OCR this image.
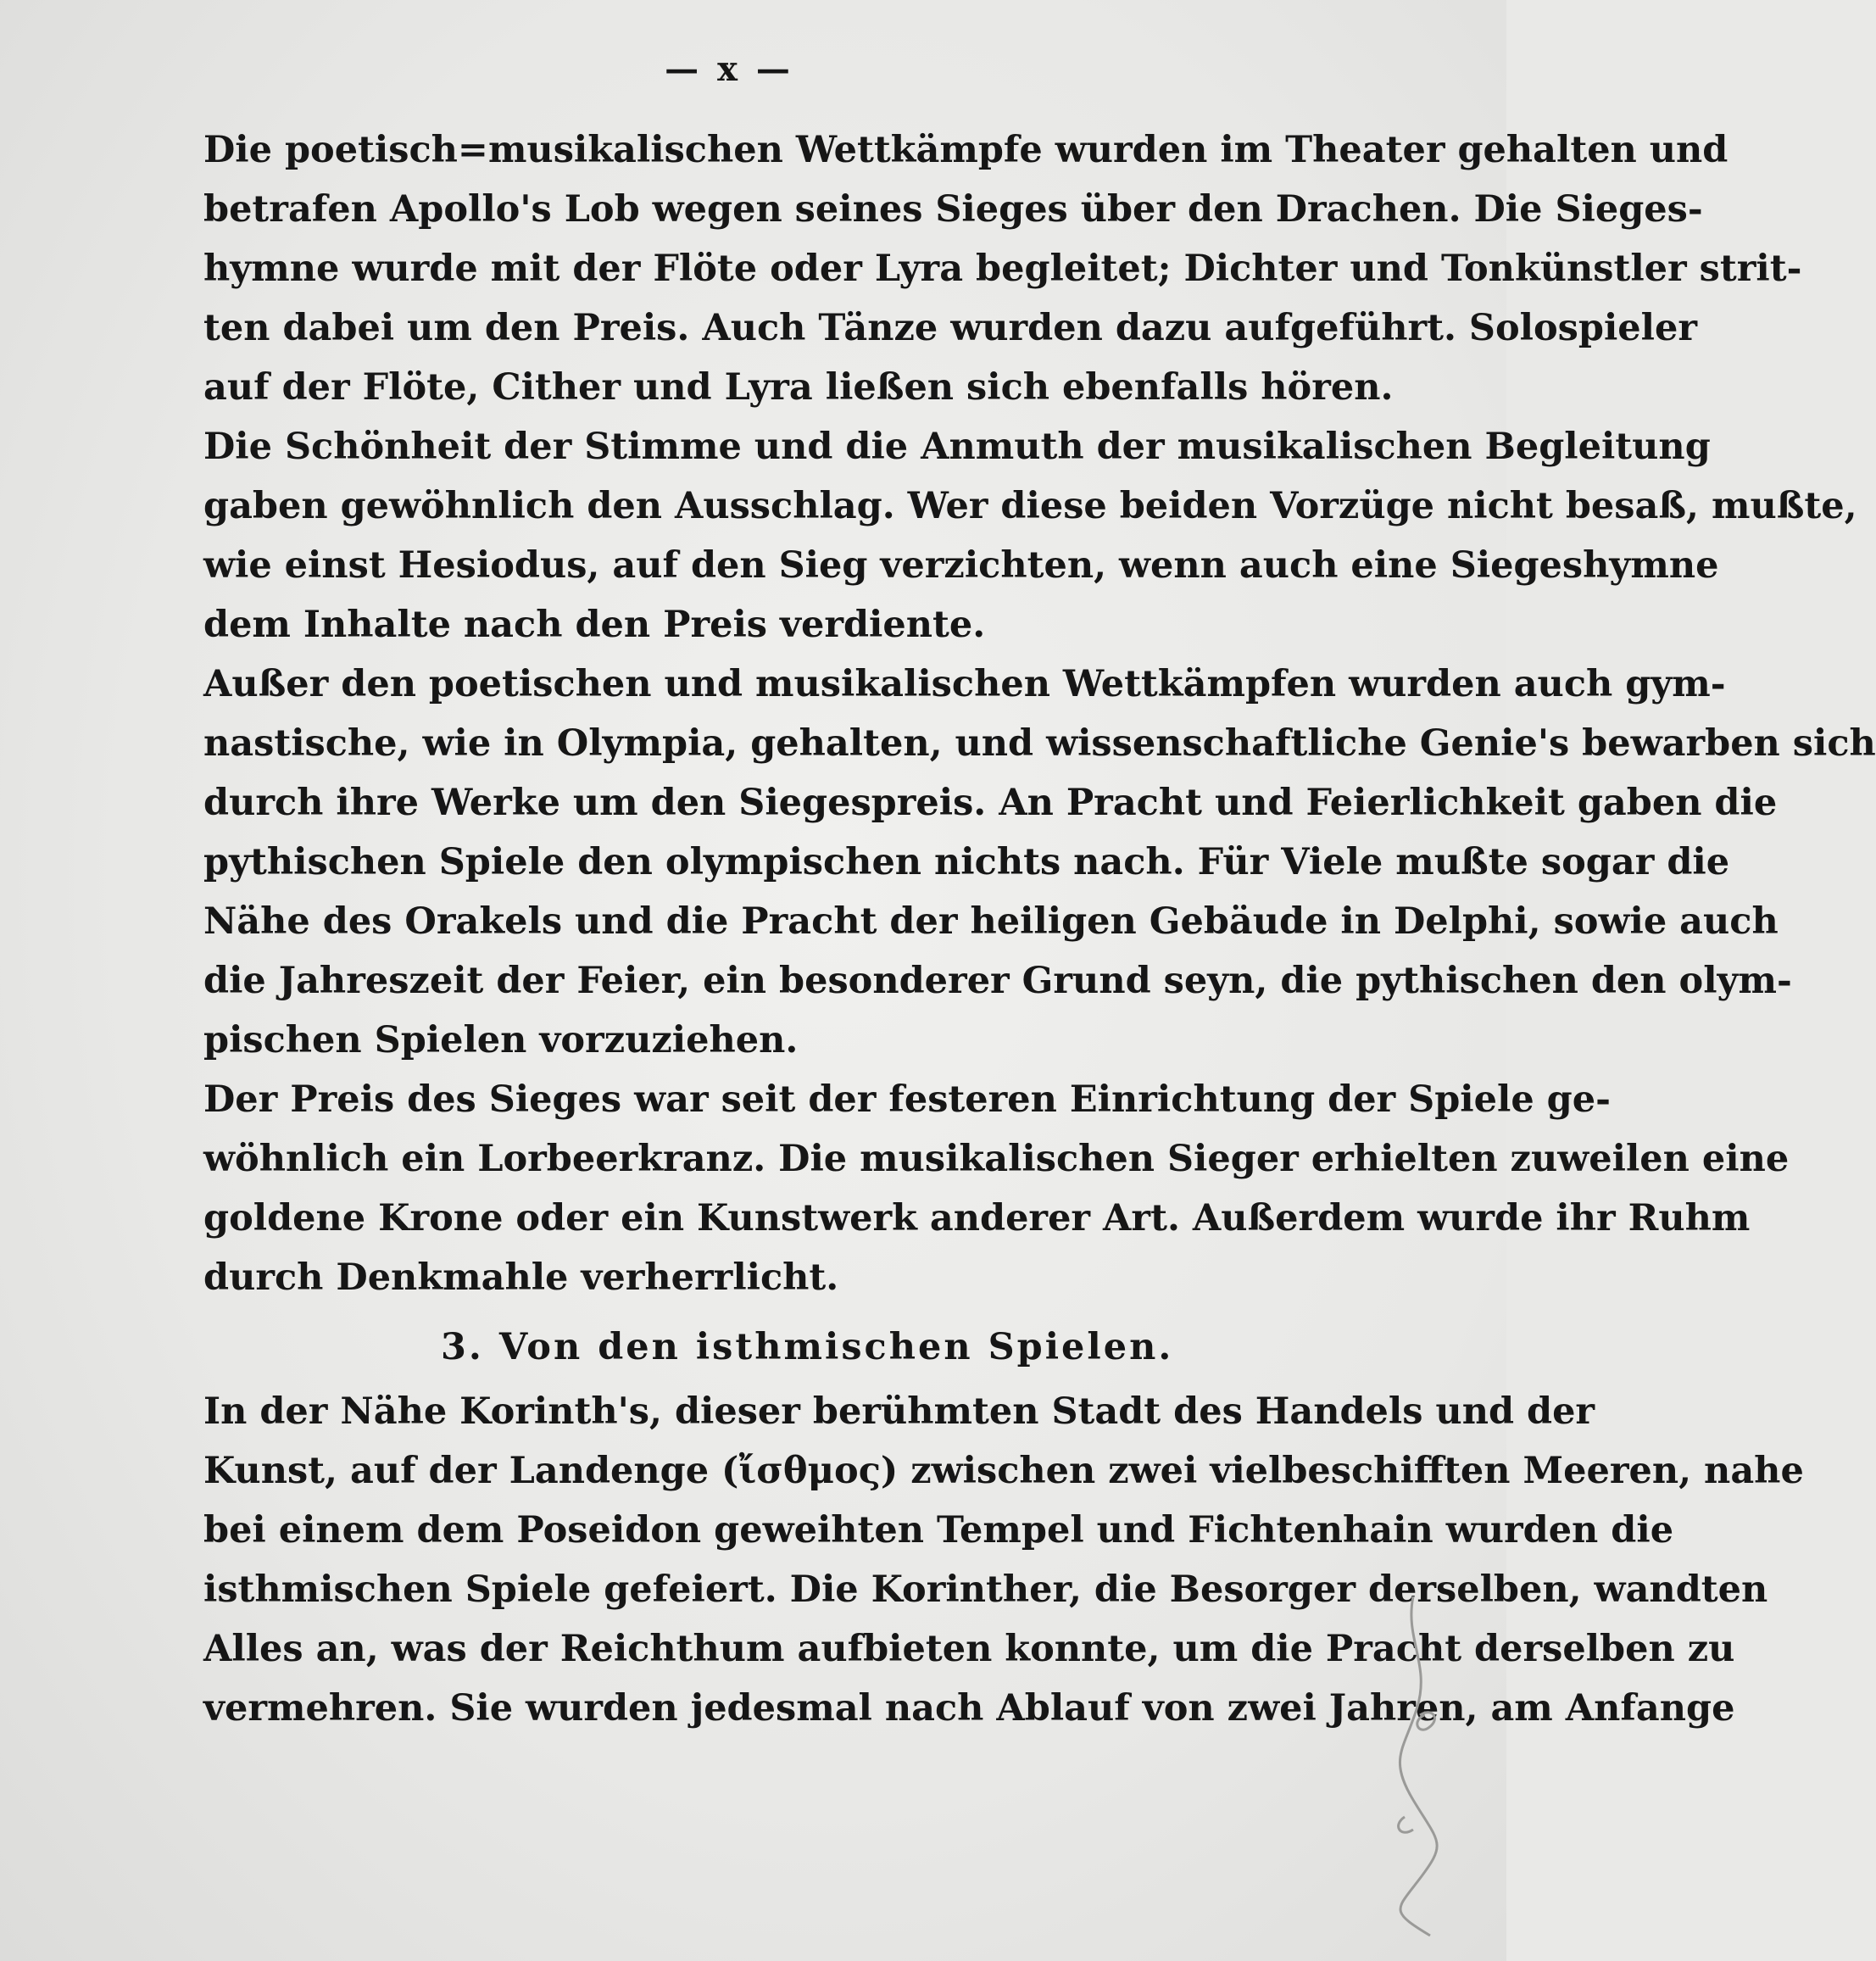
— x —

Die poetisch=musikalischen Wettkämpfe wurden im Theater gehalten und
betrafen Apollo's Lob wegen seines Sieges über den Drachen. Die Sieges-
hymne wurde mit der Flöte oder Lyra begleitet; Dichter und Tonkünstler strit-
ten dabei um den Preis. Auch Tänze wurden dazu aufgeführt. Solospieler
auf der Flöte, Cither und Lyra ließen sich ebenfalls hören.

Die Schönheit der Stimme und die Anmuth der musikalischen Begleitung
gaben gewöhnlich den Ausschlag. Wer diese beiden Vorzüge nicht besaß, mußte,
wie einst Hesiodus, auf den Sieg verzichten, wenn auch eine Siegeshymne
dem Inhalte nach den Preis verdiente.

Außer den poetischen und musikalischen Wettkämpfen wurden auch gym-
nastische, wie in Olympia, gehalten, und wissenschaftliche Genie's bewarben sich
durch ihre Werke um den Siegespreis. An Pracht und Feierlichkeit gaben die
pythischen Spiele den olympischen nichts nach. Für Viele mußte sogar die
Nähe des Orakels und die Pracht der heiligen Gebäude in Delphi, sowie auch
die Jahreszeit der Feier, ein besonderer Grund seyn, die pythischen den olym-
pischen Spielen vorzuziehen.

Der Preis des Sieges war seit der festeren Einrichtung der Spiele ge-
wöhnlich ein Lorbeerkranz. Die musikalischen Sieger erhielten zuweilen eine
goldene Krone oder ein Kunstwerk anderer Art. Außerdem wurde ihr Ruhm
durch Denkmahle verherrlicht.

3. Von den isthmischen Spielen.

In der Nähe Korinth's, dieser berühmten Stadt des Handels und der
Kunst, auf der Landenge (ἴσθμος) zwischen zwei vielbeschifften Meeren, nahe
bei einem dem Poseidon geweihten Tempel und Fichtenhain wurden die
isthmischen Spiele gefeiert. Die Korinther, die Besorger derselben, wandten
Alles an, was der Reichthum aufbieten konnte, um die Pracht derselben zu
vermehren. Sie wurden jedesmal nach Ablauf von zwei Jahren, am Anfange
